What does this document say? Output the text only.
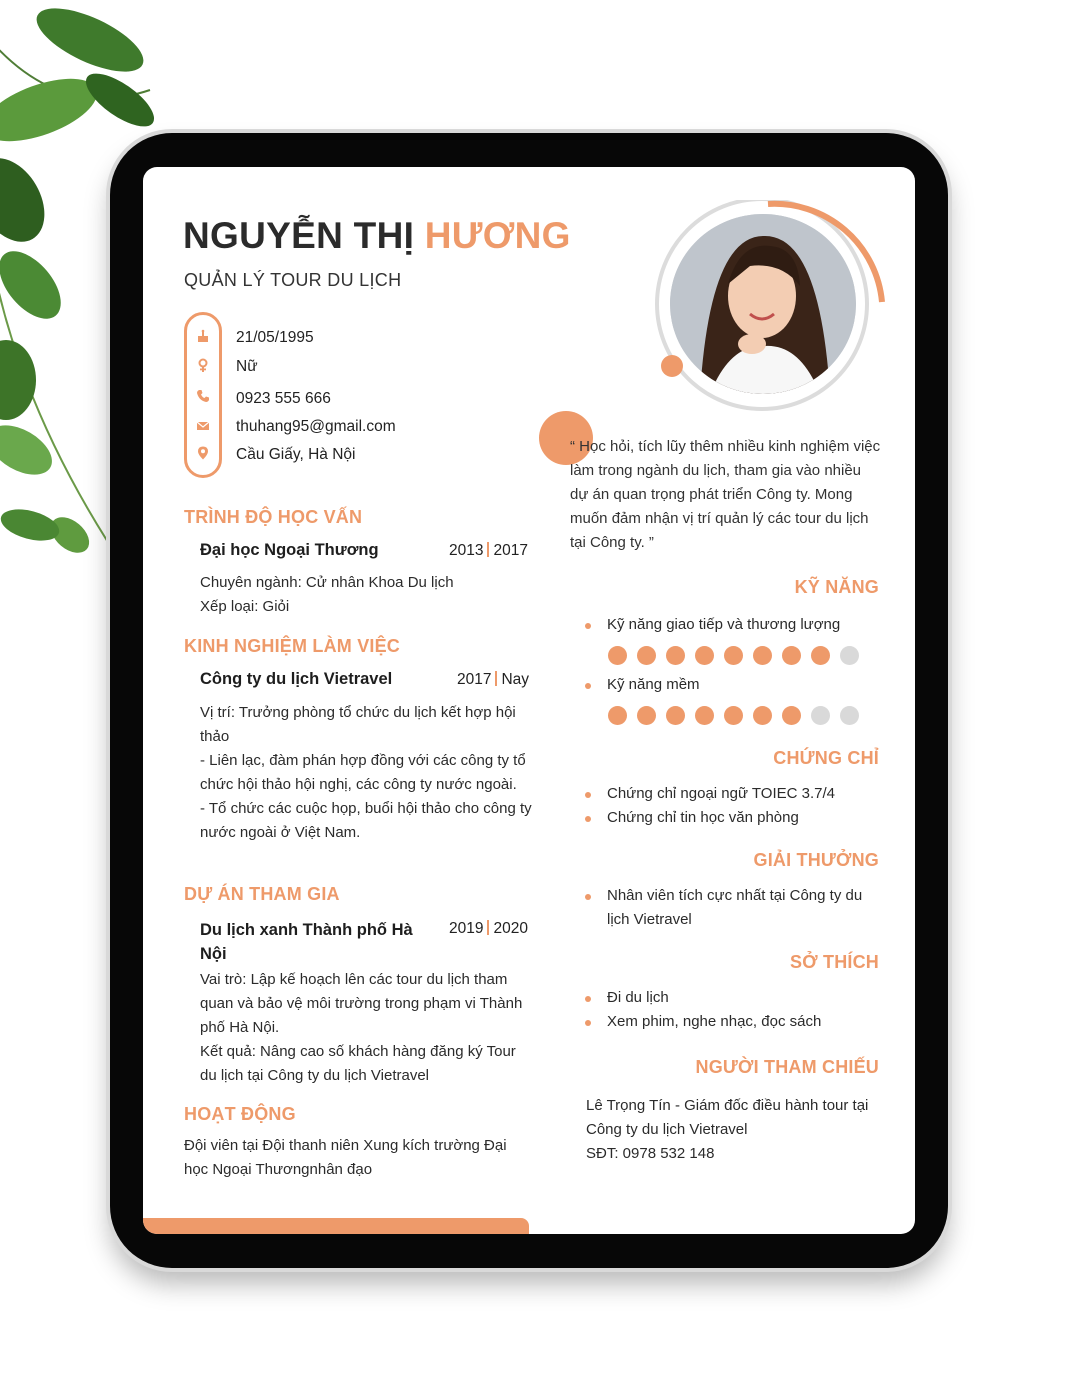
NGUYỄN THỊ HƯƠNG
QUẢN LÝ TOUR DU LỊCH
21/05/1995
Nữ
0923 555 666
thuhang95@gmail.com
Cầu Giấy, Hà Nội
TRÌNH ĐỘ HỌC VẤN
Đại học Ngoại Thương	2013 2017
Chuyên ngành: Cử nhân Khoa Du lịch
Xếp loại: Giỏi
KINH NGHIỆM LÀM VIỆC
Công ty du lịch Vietravel	2017 Nay
Vị trí: Trưởng phòng tổ chức du lịch kết hợp hội thảo
- Liên lạc, đàm phán hợp đồng với các công ty tổ chức hội thảo hội nghị, các công ty nước ngoài.
- Tổ chức các cuộc họp, buổi hội thảo cho công ty nước ngoài ở Việt Nam.
DỰ ÁN THAM GIA
Du lịch xanh Thành phố Hà Nội
2019 2020
Vai trò: Lập kế hoạch lên các tour du lịch tham quan và bảo vệ môi trường trong phạm vi Thành phố Hà Nội.
Kết quả: Nâng cao số khách hàng đăng ký Tour du lịch tại Công ty du lịch Vietravel
HOẠT ĐỘNG
Đội viên tại Đội thanh niên Xung kích trường Đại học Ngoại Thươngnhân đạo
“ Học hỏi, tích lũy thêm nhiều kinh nghiệm việc làm trong ngành du lịch, tham gia vào nhiều dự án quan trọng phát triển Công ty. Mong muốn đảm nhận vị trí quản lý các tour du lịch tại Công ty. ”
KỸ NĂNG
Kỹ năng giao tiếp và thương lượng
Kỹ năng mềm
CHỨNG CHỈ
Chứng chỉ ngoại ngữ TOIEC 3.7/4
Chứng chỉ tin học văn phòng
GIẢI THƯỞNG
Nhân viên tích cực nhất tại Công ty du lịch Vietravel
SỞ THÍCH
Đi du lịch
Xem phim, nghe nhạc, đọc sách
NGƯỜI THAM CHIẾU
Lê Trọng Tín - Giám đốc điều hành tour tại Công ty du lịch Vietravel
SĐT: 0978 532 148
